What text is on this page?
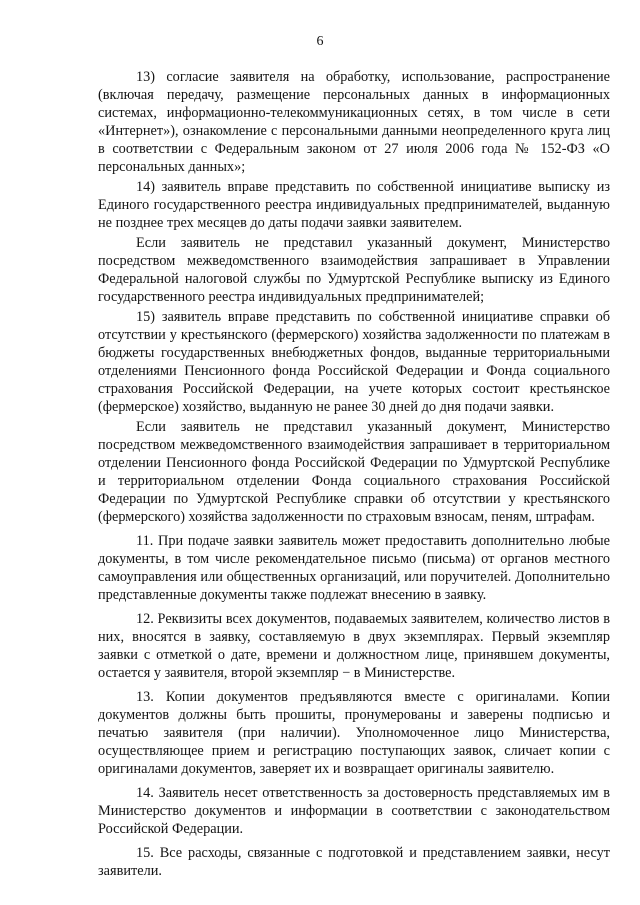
6

13) согласие заявителя на обработку, использование, распространение (включая передачу, размещение персональных данных в информационных системах, информационно-телекоммуникационных сетях, в том числе в сети «Интернет»), ознакомление с персональными данными неопределенного круга лиц в соответствии с Федеральным законом от 27 июля 2006 года № 152-ФЗ «О персональных данных»;

14) заявитель вправе представить по собственной инициативе выписку из Единого государственного реестра индивидуальных предпринимателей, выданную не позднее трех месяцев до даты подачи заявки заявителем.

Если заявитель не представил указанный документ, Министерство посредством межведомственного взаимодействия запрашивает в Управлении Федеральной налоговой службы по Удмуртской Республике выписку из Единого государственного реестра индивидуальных предпринимателей;

15) заявитель вправе представить по собственной инициативе справки об отсутствии у крестьянского (фермерского) хозяйства задолженности по платежам в бюджеты государственных внебюджетных фондов, выданные территориальными отделениями Пенсионного фонда Российской Федерации и Фонда социального страхования Российской Федерации, на учете которых состоит крестьянское (фермерское) хозяйство, выданную не ранее 30 дней до дня подачи заявки.

Если заявитель не представил указанный документ, Министерство посредством межведомственного взаимодействия запрашивает в территориальном отделении Пенсионного фонда Российской Федерации по Удмуртской Республике и территориальном отделении Фонда социального страхования Российской Федерации по Удмуртской Республике справки об отсутствии у крестьянского (фермерского) хозяйства задолженности по страховым взносам, пеням, штрафам.

11. При подаче заявки заявитель может предоставить дополнительно любые документы, в том числе рекомендательное письмо (письма) от органов местного самоуправления или общественных организаций, или поручителей. Дополнительно представленные документы также подлежат внесению в заявку.

12. Реквизиты всех документов, подаваемых заявителем, количество листов в них, вносятся в заявку, составляемую в двух экземплярах. Первый экземпляр заявки с отметкой о дате, времени и должностном лице, принявшем документы, остается у заявителя, второй экземпляр − в Министерстве.

13. Копии документов предъявляются вместе с оригиналами. Копии документов должны быть прошиты, пронумерованы и заверены подписью и печатью заявителя (при наличии). Уполномоченное лицо Министерства, осуществляющее прием и регистрацию поступающих заявок, сличает копии с оригиналами документов, заверяет их и возвращает оригиналы заявителю.

14. Заявитель несет ответственность за достоверность представляемых им в Министерство документов и информации в соответствии с законодательством Российской Федерации.

15. Все расходы, связанные с подготовкой и представлением заявки, несут заявители.
